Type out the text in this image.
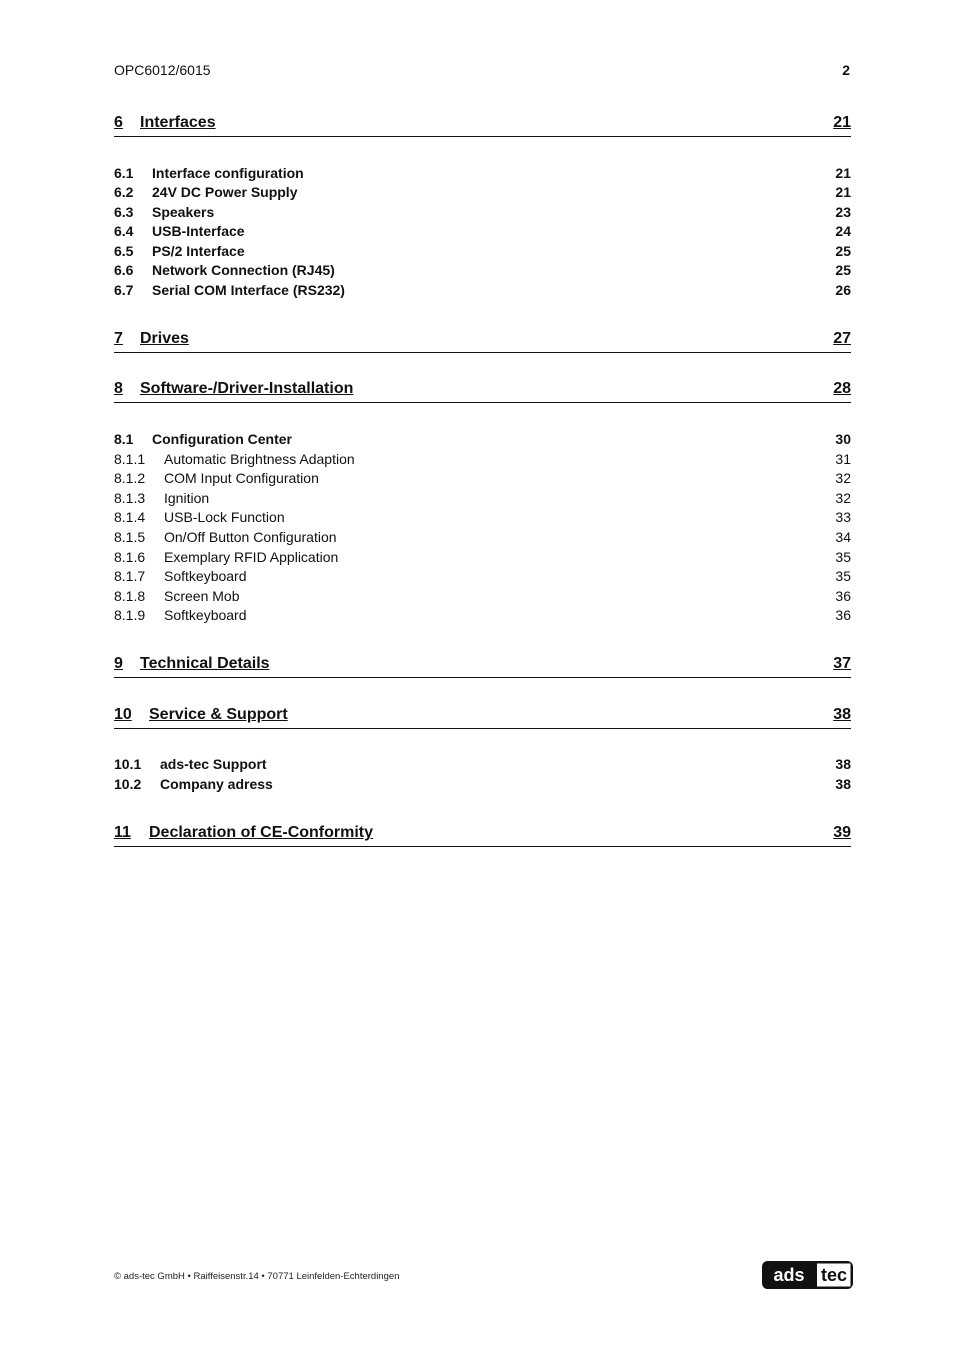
OPC6012/6015	2
6 Interfaces	21
6.1 Interface configuration	21
6.2 24V DC Power Supply	21
6.3 Speakers	23
6.4 USB-Interface	24
6.5 PS/2 Interface	25
6.6 Network Connection (RJ45)	25
6.7 Serial COM Interface (RS232)	26
7 Drives	27
8 Software-/Driver-Installation	28
8.1 Configuration Center	30
8.1.1 Automatic Brightness Adaption	31
8.1.2 COM Input Configuration	32
8.1.3 Ignition	32
8.1.4 USB-Lock Function	33
8.1.5 On/Off Button Configuration	34
8.1.6 Exemplary RFID Application	35
8.1.7 Softkeyboard	35
8.1.8 Screen Mob	36
8.1.9 Softkeyboard	36
9 Technical Details	37
10 Service & Support	38
10.1 ads-tec Support	38
10.2 Company adress	38
11 Declaration of CE-Conformity	39
© ads-tec GmbH • Raiffeisenstr.14 • 70771 Leinfelden-Echterdingen	ads tec
